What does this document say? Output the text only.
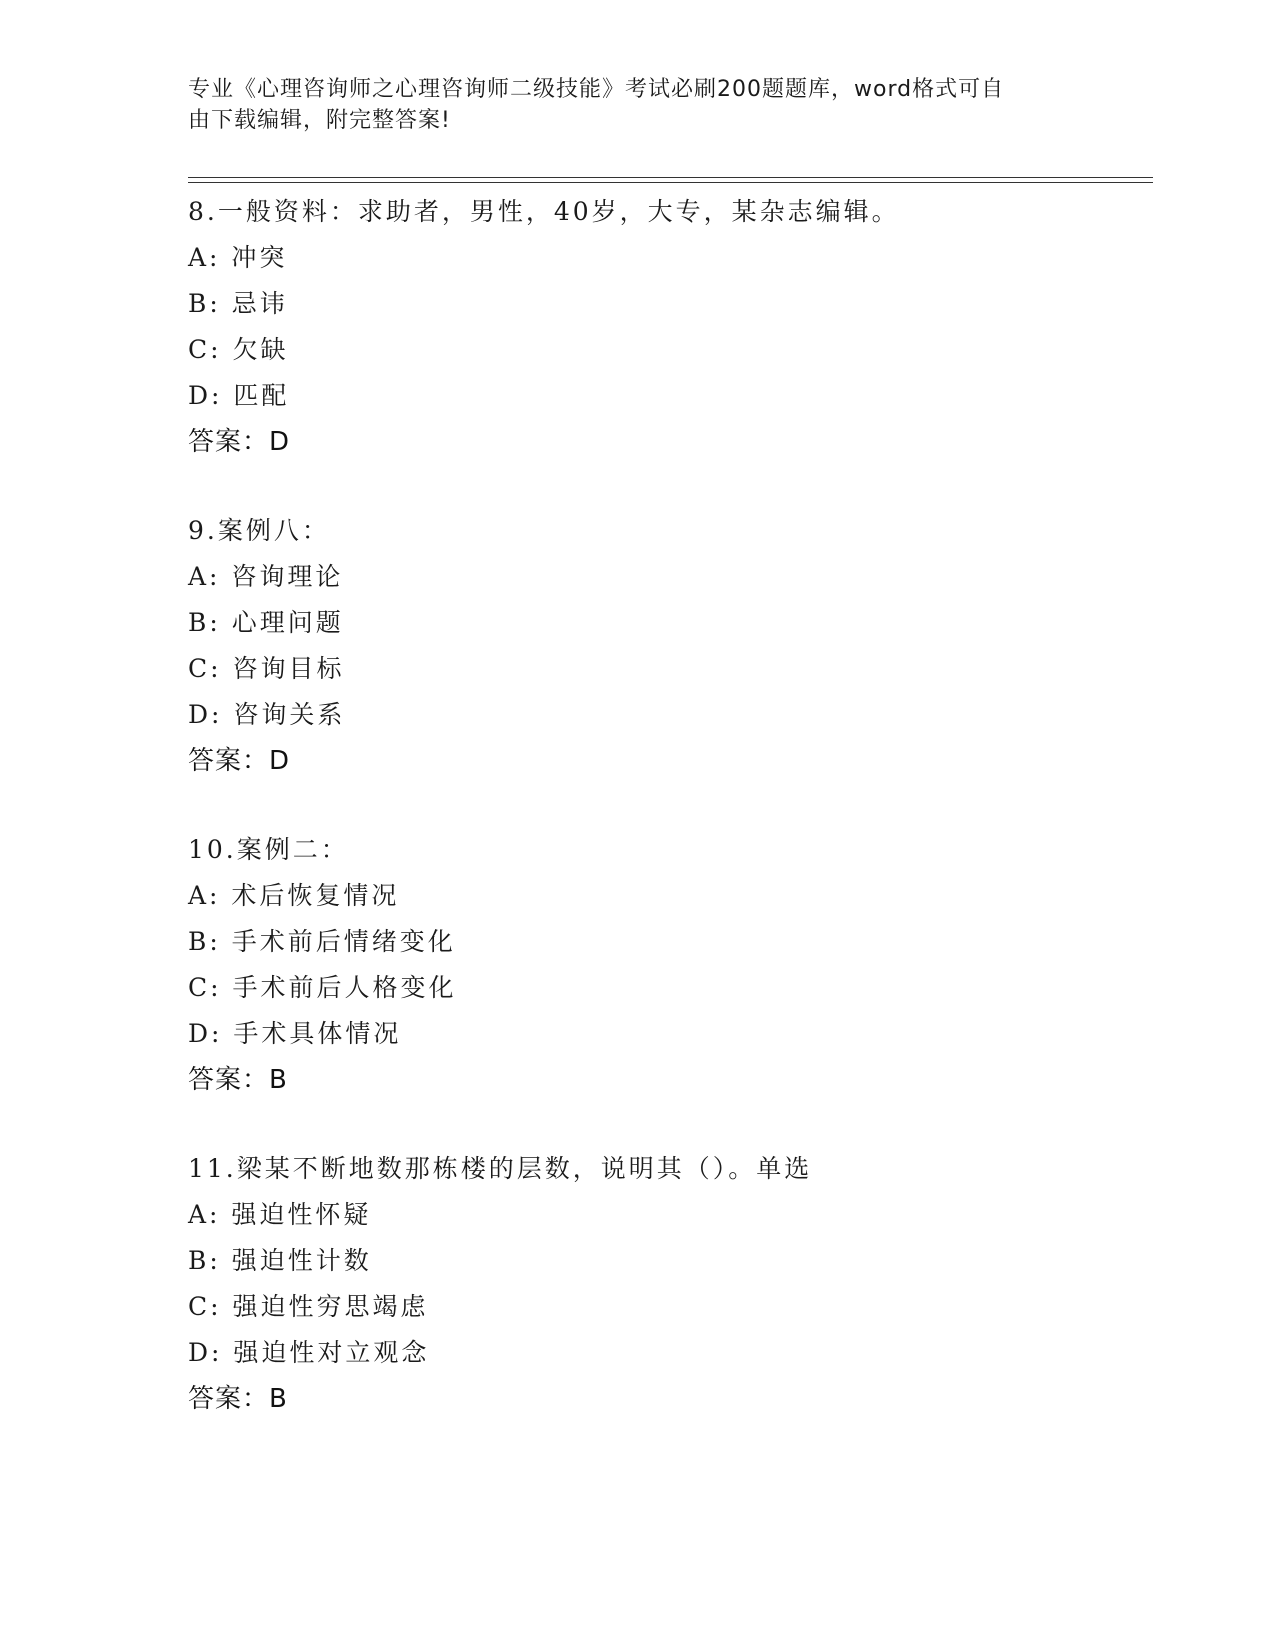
专业《心理咨询师之心理咨询师二级技能》考试必刷200题题库，word格式可自
由下载编辑，附完整答案!
8.一般资料：求助者，男性，40岁，大专，某杂志编辑。
A: 冲突
B: 忌讳
C: 欠缺
D: 匹配
答案：D
9.案例八：
A: 咨询理论
B: 心理问题
C: 咨询目标
D: 咨询关系
答案：D
10.案例二：
A: 术后恢复情况
B: 手术前后情绪变化
C: 手术前后人格变化
D: 手术具体情况
答案：B
11.梁某不断地数那栋楼的层数，说明其（）。单选
A: 强迫性怀疑
B: 强迫性计数
C: 强迫性穷思竭虑
D: 强迫性对立观念
答案：B
